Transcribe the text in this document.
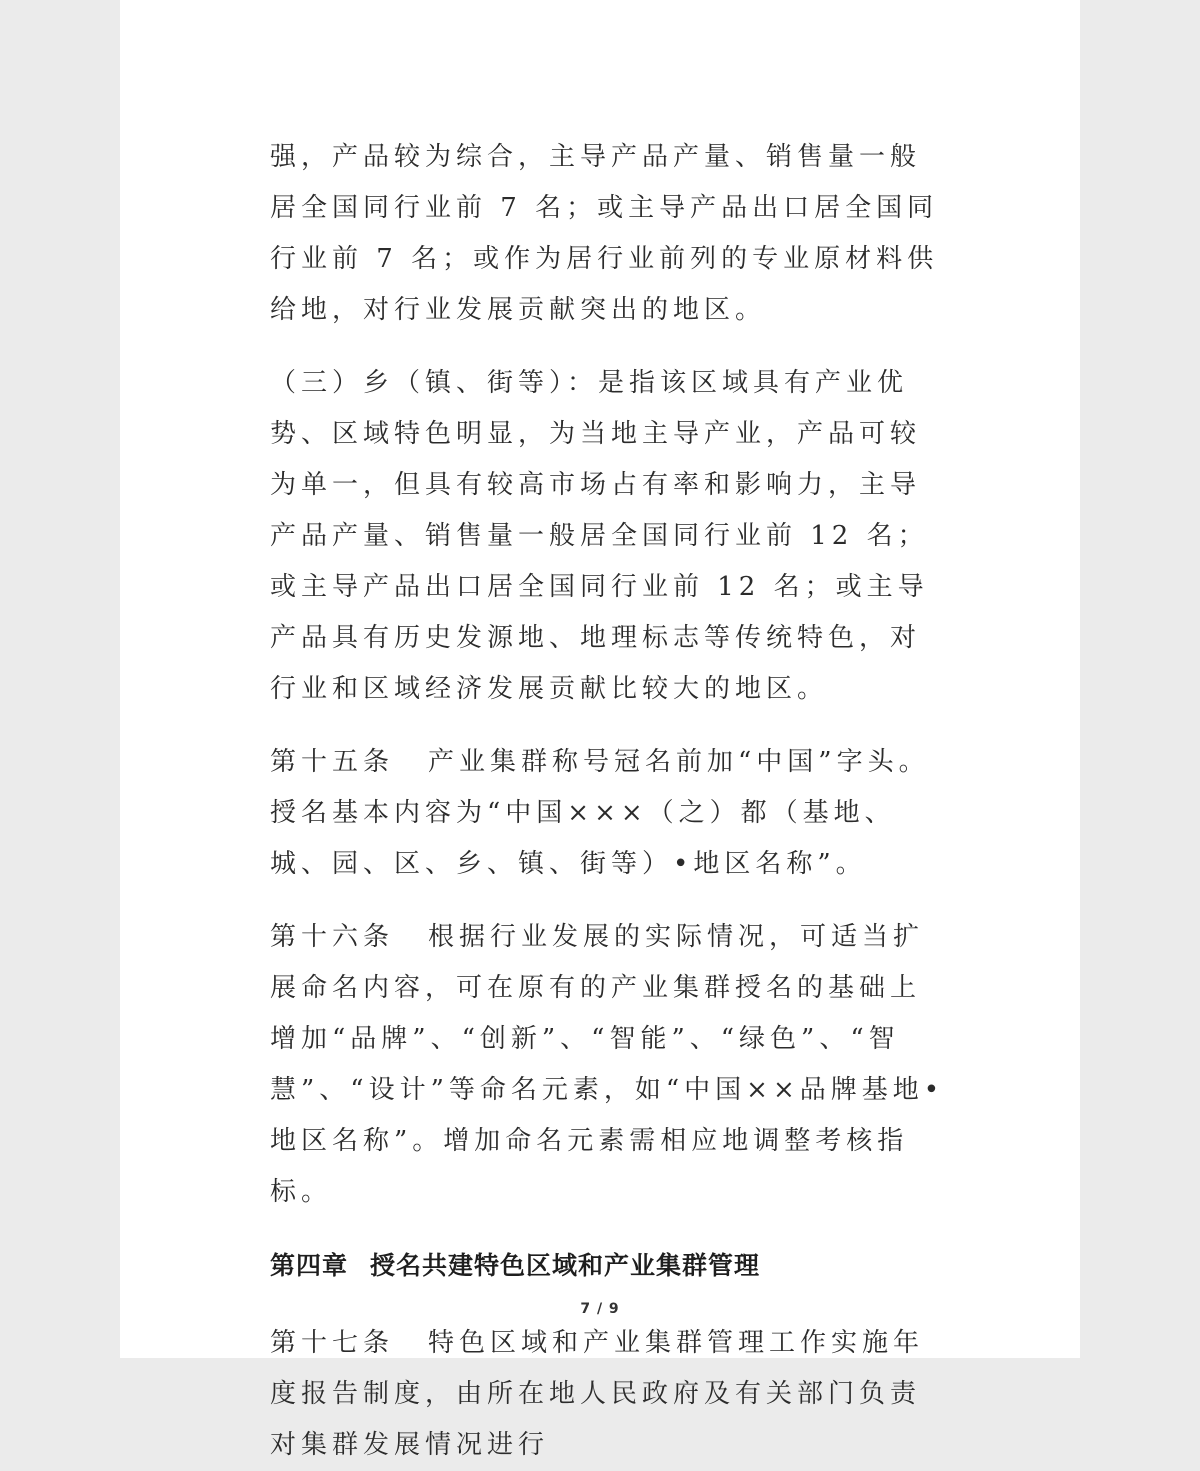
强，产品较为综合，主导产品产量、销售量一般居全国同行业前 7 名；或主导产品出口居全国同行业前 7 名；或作为居行业前列的专业原材料供给地，对行业发展贡献突出的地区。

（三）乡（镇、街等）：是指该区域具有产业优势、区域特色明显，为当地主导产业，产品可较为单一，但具有较高市场占有率和影响力，主导产品产量、销售量一般居全国同行业前 12 名；或主导产品出口居全国同行业前 12 名；或主导产品具有历史发源地、地理标志等传统特色，对行业和区域经济发展贡献比较大的地区。

第十五条 产业集群称号冠名前加“中国”字头。授名基本内容为“中国×××（之）都（基地、城、园、区、乡、镇、街等）•地区名称”。

第十六条 根据行业发展的实际情况，可适当扩展命名内容，可在原有的产业集群授名的基础上增加“品牌”、“创新”、“智能”、“绿色”、“智慧”、“设计”等命名元素，如“中国××品牌基地•地区名称”。增加命名元素需相应地调整考核指标。

第四章 授名共建特色区域和产业集群管理

第十七条 特色区域和产业集群管理工作实施年度报告制度，由所在地人民政府及有关部门负责对集群发展情况进行

7 / 9
